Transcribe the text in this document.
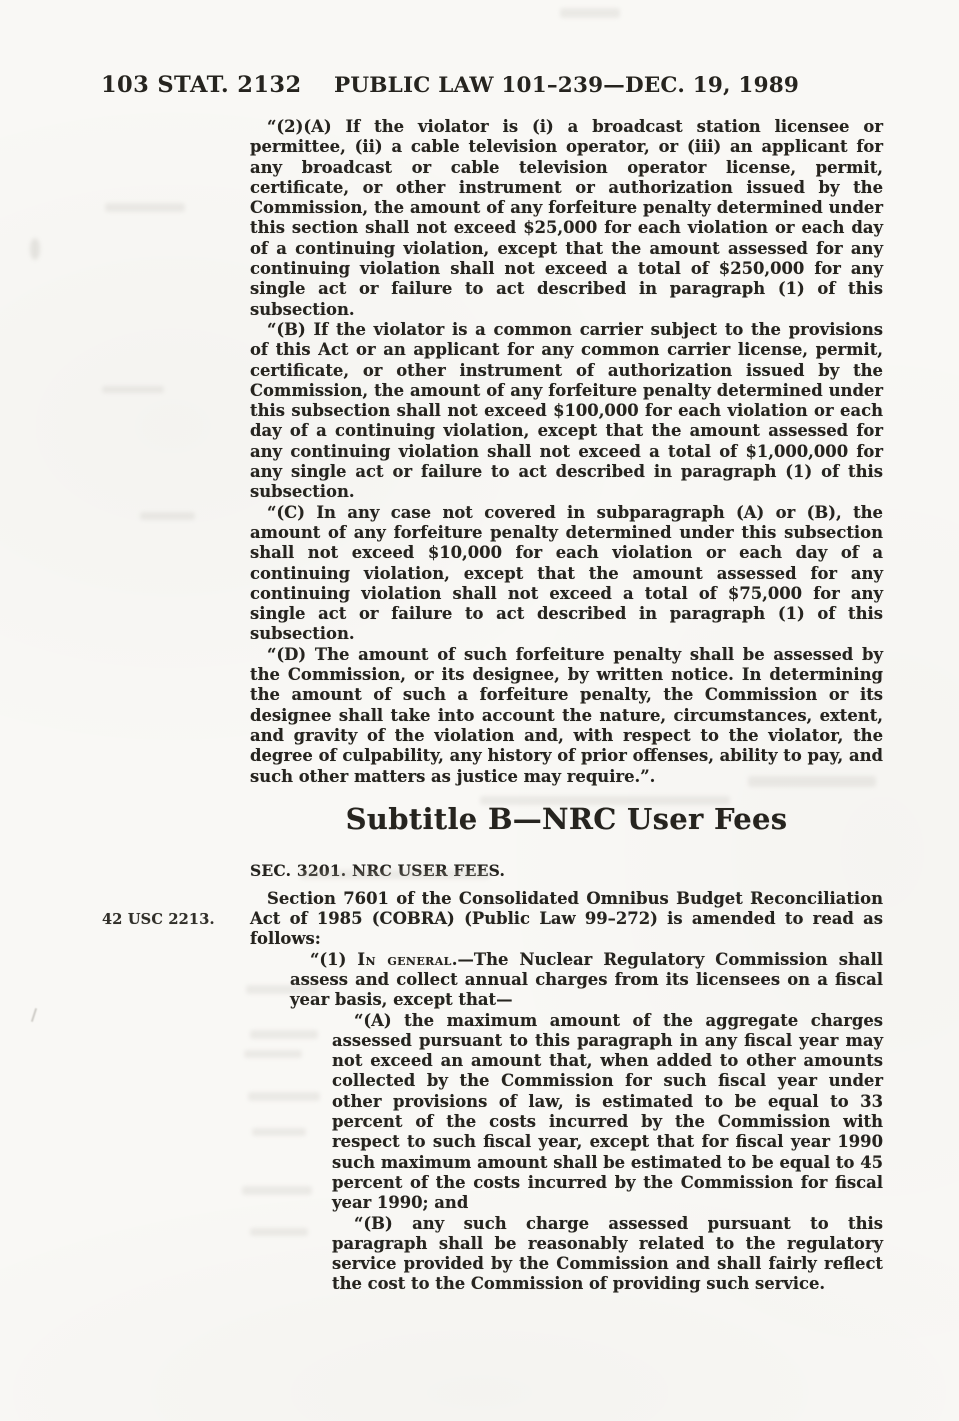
103 STAT. 2132	PUBLIC LAW 101–239—DEC. 19, 1989

“(2)(A) If the violator is (i) a broadcast station licensee or permittee, (ii) a cable television operator, or (iii) an applicant for any broadcast or cable television operator license, permit, certificate, or other instrument or authorization issued by the Commission, the amount of any forfeiture penalty determined under this section shall not exceed $25,000 for each violation or each day of a continuing violation, except that the amount assessed for any continuing violation shall not exceed a total of $250,000 for any single act or failure to act described in paragraph (1) of this subsection.

“(B) If the violator is a common carrier subject to the provisions of this Act or an applicant for any common carrier license, permit, certificate, or other instrument of authorization issued by the Commission, the amount of any forfeiture penalty determined under this subsection shall not exceed $100,000 for each violation or each day of a continuing violation, except that the amount assessed for any continuing violation shall not exceed a total of $1,000,000 for any single act or failure to act described in paragraph (1) of this subsection.

“(C) In any case not covered in subparagraph (A) or (B), the amount of any forfeiture penalty determined under this subsection shall not exceed $10,000 for each violation or each day of a continuing violation, except that the amount assessed for any continuing violation shall not exceed a total of $75,000 for any single act or failure to act described in paragraph (1) of this subsection.

“(D) The amount of such forfeiture penalty shall be assessed by the Commission, or its designee, by written notice. In determining the amount of such a forfeiture penalty, the Commission or its designee shall take into account the nature, circumstances, extent, and gravity of the violation and, with respect to the violator, the degree of culpability, any history of prior offenses, ability to pay, and such other matters as justice may require.”.

Subtitle B—NRC User Fees

SEC. 3201. NRC USER FEES.

42 USC 2213.
Section 7601 of the Consolidated Omnibus Budget Reconciliation Act of 1985 (COBRA) (Public Law 99–272) is amended to read as follows:

“(1) In general.—The Nuclear Regulatory Commission shall assess and collect annual charges from its licensees on a fiscal year basis, except that—

“(A) the maximum amount of the aggregate charges assessed pursuant to this paragraph in any fiscal year may not exceed an amount that, when added to other amounts collected by the Commission for such fiscal year under other provisions of law, is estimated to be equal to 33 percent of the costs incurred by the Commission with respect to such fiscal year, except that for fiscal year 1990 such maximum amount shall be estimated to be equal to 45 percent of the costs incurred by the Commission for fiscal year 1990; and

“(B) any such charge assessed pursuant to this paragraph shall be reasonably related to the regulatory service provided by the Commission and shall fairly reflect the cost to the Commission of providing such service.
